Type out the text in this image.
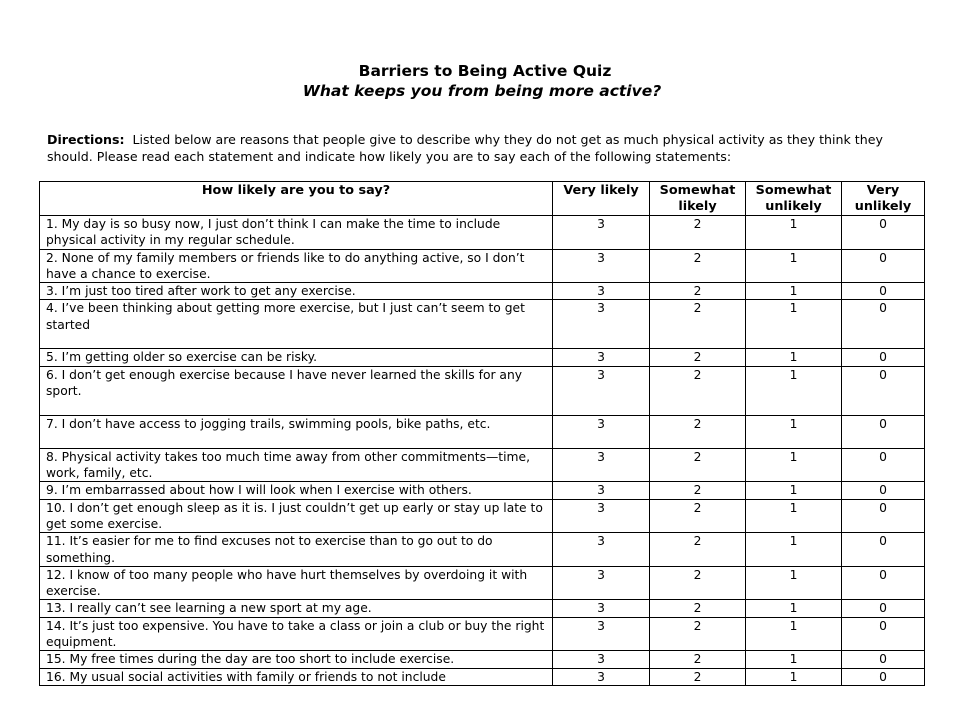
Barriers to Being Active Quiz
What keeps you from being more active?
Directions: Listed below are reasons that people give to describe why they do not get as much physical activity as they think they should. Please read each statement and indicate how likely you are to say each of the following statements:
How likely are you to say?	Very likely	Somewhat likely	Somewhat unlikely	Very unlikely
1. My day is so busy now, I just don’t think I can make the time to include physical activity in my regular schedule.	3	2	1	0
2. None of my family members or friends like to do anything active, so I don’t have a chance to exercise.	3	2	1	0
3. I’m just too tired after work to get any exercise.	3	2	1	0
4. I’ve been thinking about getting more exercise, but I just can’t seem to get started	3	2	1	0
5. I’m getting older so exercise can be risky.	3	2	1	0
6. I don’t get enough exercise because I have never learned the skills for any sport.	3	2	1	0
7. I don’t have access to jogging trails, swimming pools, bike paths, etc.	3	2	1	0
8. Physical activity takes too much time away from other commitments—time, work, family, etc.	3	2	1	0
9. I’m embarrassed about how I will look when I exercise with others.	3	2	1	0
10. I don’t get enough sleep as it is. I just couldn’t get up early or stay up late to get some exercise.	3	2	1	0
11. It’s easier for me to find excuses not to exercise than to go out to do something.	3	2	1	0
12. I know of too many people who have hurt themselves by overdoing it with exercise.	3	2	1	0
13. I really can’t see learning a new sport at my age.	3	2	1	0
14. It’s just too expensive. You have to take a class or join a club or buy the right equipment.	3	2	1	0
15. My free times during the day are too short to include exercise.	3	2	1	0
16. My usual social activities with family or friends to not include	3	2	1	0
